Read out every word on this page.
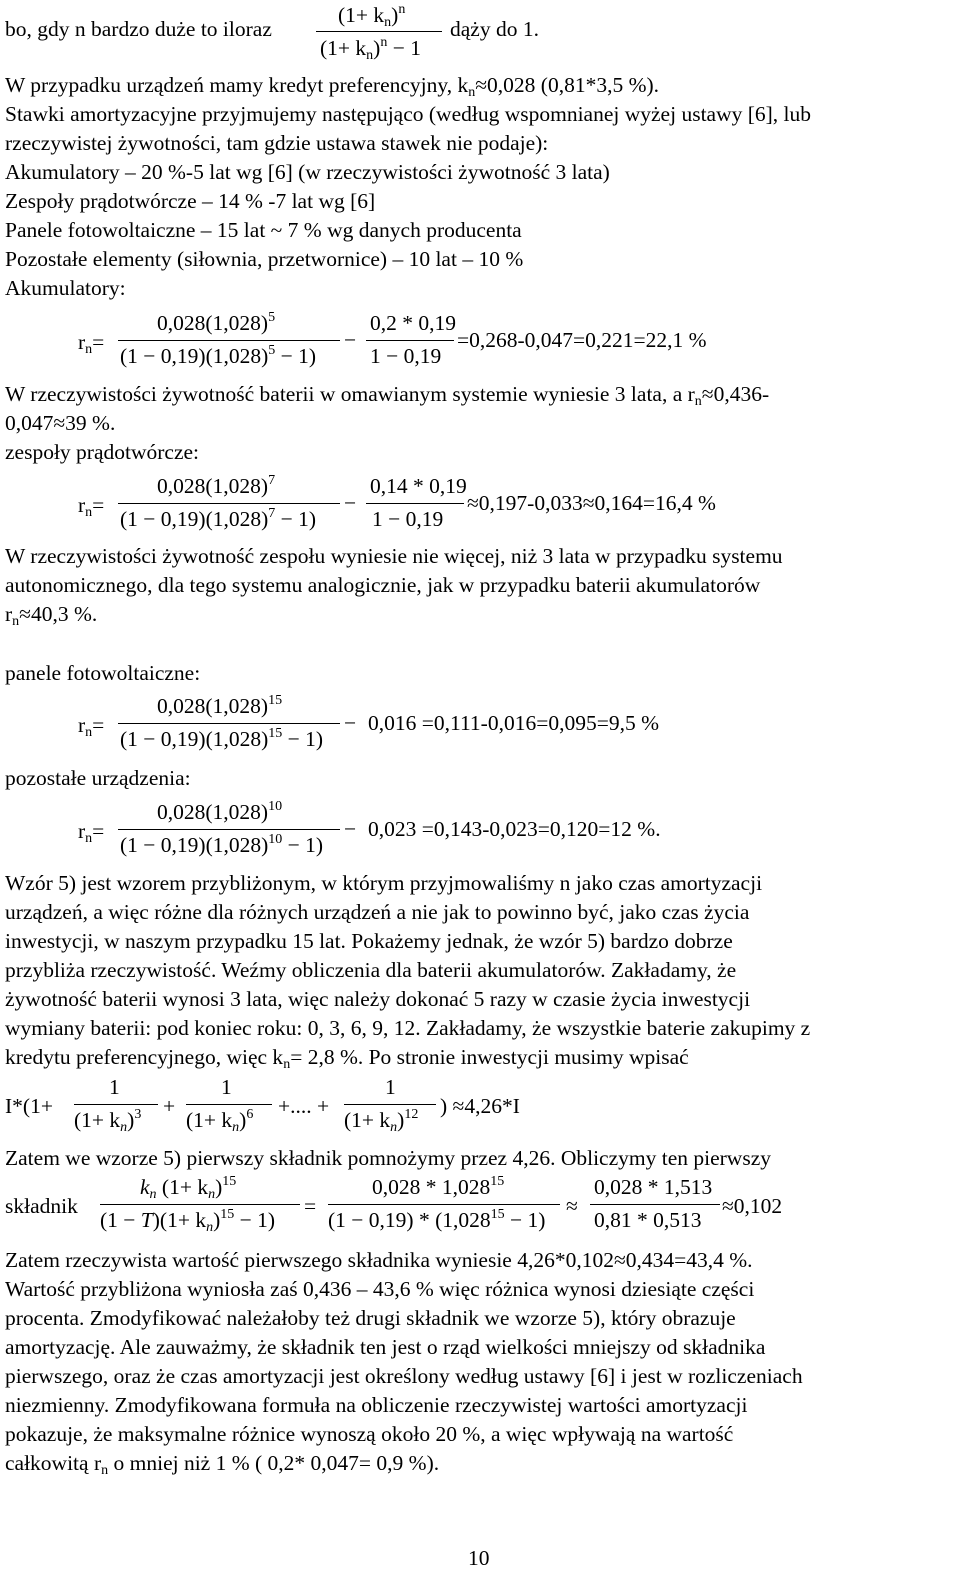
bo, gdy n bardzo duże to iloraz
$(1+ k_n)^n$
$(1+ k_n)^n - 1$
dąży do 1.
W przypadku urządzeń mamy kredyt preferencyjny, $k_n\approx 0,028$ (0,81*3,5 %).
Stawki amortyzacyjne przyjmujemy następująco (według wspomnianej wyżej ustawy [6], lub
rzeczywistej żywotności, tam gdzie ustawa stawek nie podaje):
Akumulatory – 20 %-5 lat wg [6] (w rzeczywistości żywotność 3 lata)
Zespoły prądotwórcze – 14 % -7 lat wg [6]
Panele fotowoltaiczne – 15 lat ~ 7 % wg danych producenta
Pozostałe elementy (siłownia, przetwornice) – 10 lat – 10 %
Akumulatory:
$r_n=$
$0,028(1,028)^5$
$(1 - 0,19)(1,028)^5 - 1$)
−
0,2 * 0,19
1 − 0,19
=0,268-0,047=0,221=22,1 %
W rzeczywistości żywotność baterii w omawianym systemie wyniesie 3 lata, a $r_n\approx 0,436-$
0,047≈39 %.
zespoły prądotwórcze:
$r_n=$
$0,028(1,028)^7$
$(1 - 0,19)(1,028)^7 - 1$)
−
0,14 * 0,19
1 − 0,19
≈0,197-0,033≈0,164=16,4 %
W rzeczywistości żywotność zespołu wyniesie nie więcej, niż 3 lata w przypadku systemu
autonomicznego, dla tego systemu analogicznie, jak w przypadku baterii akumulatorów
$r_n\approx 40,3$ %.
panele fotowoltaiczne:
$r_n=$
$0,028(1,028)^{15}$
$(1 - 0,19)(1,028)^{15} - 1$)
− 0,016 =0,111-0,016=0,095=9,5 %
pozostałe urządzenia:
$r_n=$
$0,028(1,028)^{10}$
$(1 - 0,19)(1,028)^{10} - 1$)
− 0,023 =0,143-0,023=0,120=12 %.
Wzór 5) jest wzorem przybliżonym, w którym przyjmowaliśmy n jako czas amortyzacji
urządzeń, a więc różne dla różnych urządzeń a nie jak to powinno być, jako czas życia
inwestycji, w naszym przypadku 15 lat. Pokażemy jednak, że wzór 5) bardzo dobrze
przybliża rzeczywistość. Weźmy obliczenia dla baterii akumulatorów. Zakładamy, że
żywotność baterii wynosi 3 lata, więc należy dokonać 5 razy w czasie życia inwestycji
wymiany baterii: pod koniec roku: 0, 3, 6, 9, 12. Zakładamy, że wszystkie baterie zakupimy z
kredytu preferencyjnego, więc $k_n= 2,8$ %. Po stronie inwestycji musimy wpisać
I*(1+
1
$(1+ k_n)^3$ +
1
$(1+ k_n)^6$ +.... +
1
$(1+ k_n)^{12}$ ) ≈4,26*I
Zatem we wzorze 5) pierwszy składnik pomnożymy przez 4,26. Obliczymy ten pierwszy
składnik
$k_n$ $(1+ k_n)^{15}$
$(1 - T)(1+ k_n)^{15} - 1$)
=
0,028 * 1,028$^{15}$
$(1 - 0,19) * (1,028^{15} - 1)$
≈
0,028 * 1,513
0,81 * 0,513
≈0,102
Zatem rzeczywista wartość pierwszego składnika wyniesie 4,26*0,102≈0,434=43,4 %.
Wartość przybliżona wyniosła zaś 0,436 – 43,6 % więc różnica wynosi dziesiąte części
procenta. Zmodyfikować należałoby też drugi składnik we wzorze 5), który obrazuje
amortyzację. Ale zauważmy, że składnik ten jest o rząd wielkości mniejszy od składnika
pierwszego, oraz że czas amortyzacji jest określony według ustawy [6] i jest w rozliczeniach
niezmienny. Zmodyfikowana formuła na obliczenie rzeczywistej wartości amortyzacji
pokazuje, że maksymalne różnice wynoszą około 20 %, a więc wpływają na wartość
całkowitą $r_n$ o mniej niż 1 % ( 0,2* 0,047= 0,9 %).
10
